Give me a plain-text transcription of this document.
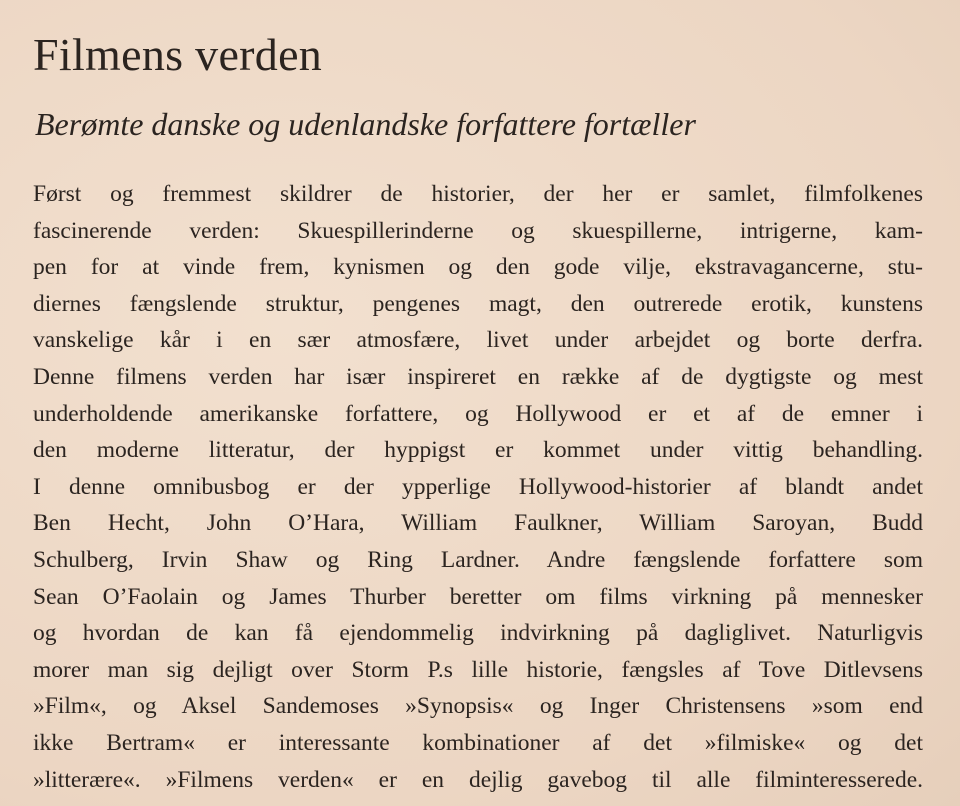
Filmens verden
Berømte danske og udenlandske forfattere fortæller
Først og fremmest skildrer de historier, der her er samlet, filmfolkenes
fascinerende verden: Skuespillerinderne og skuespillerne, intrigerne, kam-
pen for at vinde frem, kynismen og den gode vilje, ekstravagancerne, stu-
diernes fængslende struktur, pengenes magt, den outrerede erotik, kunstens
vanskelige kår i en sær atmosfære, livet under arbejdet og borte derfra.
Denne filmens verden har især inspireret en række af de dygtigste og mest
underholdende amerikanske forfattere, og Hollywood er et af de emner i
den moderne litteratur, der hyppigst er kommet under vittig behandling.
I denne omnibusbog er der ypperlige Hollywood-historier af blandt andet
Ben Hecht, John O’Hara, William Faulkner, William Saroyan, Budd
Schulberg, Irvin Shaw og Ring Lardner. Andre fængslende forfattere som
Sean O’Faolain og James Thurber beretter om films virkning på mennesker
og hvordan de kan få ejendommelig indvirkning på dagliglivet. Naturligvis
morer man sig dejligt over Storm P.s lille historie, fængsles af Tove Ditlevsens
»Film«, og Aksel Sandemoses »Synopsis« og Inger Christensens »som end
ikke Bertram« er interessante kombinationer af det »filmiske« og det
»litterære«. »Filmens verden« er en dejlig gavebog til alle filminteresserede.
